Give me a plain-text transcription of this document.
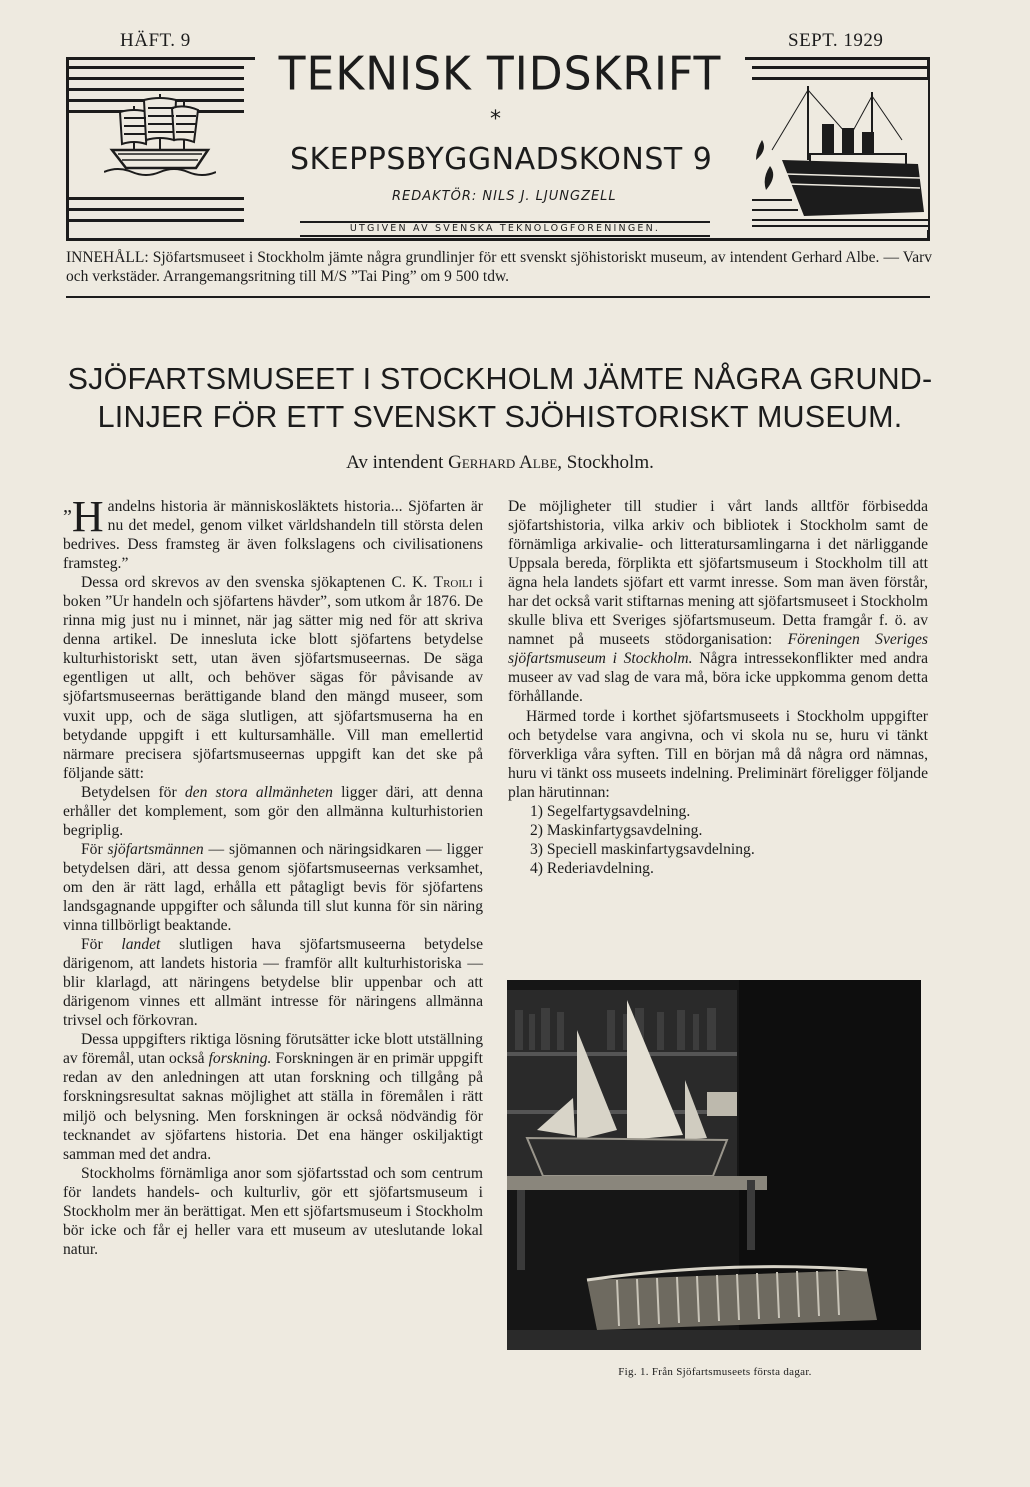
HÄFT. 9	SEPT. 1929
TEKNISK TIDSKRIFT
*
SKEPPSBYGGNADSKONST 9
REDAKTÖR: NILS J. LJUNGZELL
UTGIVEN AV SVENSKA TEKNOLOGFÖRENINGEN.
INNEHÅLL: Sjöfartsmuseet i Stockholm jämte några grundlinjer för ett svenskt sjöhistoriskt museum, av intendent Gerhard Albe. — Varv och verkstäder. Arrangemangsritning till M/S ”Tai Ping” om 9 500 tdw.
SJÖFARTSMUSEET I STOCKHOLM JÄMTE NÅGRA GRUND-
LINJER FÖR ETT SVENSKT SJÖHISTORISKT MUSEUM.
Av intendent Gerhard Albe, Stockholm.

”H andelns historia är människosläktets historia... Sjöfarten är nu det medel, genom vilket världshandeln till största delen bedrives. Dess framsteg är även folkslagens och civilisationens framsteg.”

Dessa ord skrevos av den svenska sjökaptenen C. K. Troili i boken ”Ur handeln och sjöfartens hävder”, som utkom år 1876. De rinna mig just nu i minnet, när jag sätter mig ned för att skriva denna artikel. De innesluta icke blott sjöfartens betydelse kulturhistoriskt sett, utan även sjöfartsmuseernas. De säga egentligen ut allt, och behöver sägas för påvisande av sjöfartsmuseernas berättigande bland den mängd museer, som vuxit upp, och de säga slutligen, att sjöfartsmuserna ha en betydande uppgift i ett kultursamhälle. Vill man emellertid närmare precisera sjöfartsmuseernas uppgift kan det ske på följande sätt:

Betydelsen för den stora allmänheten ligger däri, att denna erhåller det komplement, som gör den allmänna kulturhistorien begriplig.

För sjöfartsmännen — sjömannen och näringsidkaren — ligger betydelsen däri, att dessa genom sjöfartsmuseernas verksamhet, om den är rätt lagd, erhålla ett påtagligt bevis för sjöfartens landsgagnande uppgifter och sålunda till slut kunna för sin näring vinna tillbörligt beaktande.

För landet slutligen hava sjöfartsmuseerna betydelse därigenom, att landets historia — framför allt kulturhistoriska — blir klarlagd, att näringens betydelse blir uppenbar och att därigenom vinnes ett allmänt intresse för näringens allmänna trivsel och förkovran.

Dessa uppgifters riktiga lösning förutsätter icke blott utställning av föremål, utan också forskning. Forskningen är en primär uppgift redan av den anledningen att utan forskning och tillgång på forskningsresultat saknas möjlighet att ställa in föremålen i rätt miljö och belysning. Men forskningen är också nödvändig för tecknandet av sjöfartens historia. Det ena hänger oskiljaktigt samman med det andra.

Stockholms förnämliga anor som sjöfartsstad och som centrum för landets handels- och kulturliv, gör ett sjöfartsmuseum i Stockholm mer än berättigat. Men ett sjöfartsmuseum i Stockholm bör icke och får ej heller vara ett museum av uteslutande lokal natur.

De möjligheter till studier i vårt lands alltför förbisedda sjöfartshistoria, vilka arkiv och bibliotek i Stockholm samt de förnämliga arkivalie- och litteratursamlingarna i det närliggande Uppsala bereda, förplikta ett sjöfartsmuseum i Stockholm till att ägna hela landets sjöfart ett varmt inresse. Som man även förstår, har det också varit stiftarnas mening att sjöfartsmuseet i Stockholm skulle bliva ett Sveriges sjöfartsmuseum. Detta framgår f. ö. av namnet på museets stödorganisation: Föreningen Sveriges sjöfartsmuseum i Stockholm. Några intressekonflikter med andra museer av vad slag de vara må, böra icke uppkomma genom detta förhållande.

Härmed torde i korthet sjöfartsmuseets i Stockholm uppgifter och betydelse vara angivna, och vi skola nu se, huru vi tänkt förverkliga våra syften. Till en början må då några ord nämnas, huru vi tänkt oss museets indelning. Preliminärt föreligger följande plan härutinnan:

1) Segelfartygsavdelning.
2) Maskinfartygsavdelning.
3) Speciell maskinfartygsavdelning.
4) Rederiavdelning.
Fig. 1. Från Sjöfartsmuseets första dagar.
